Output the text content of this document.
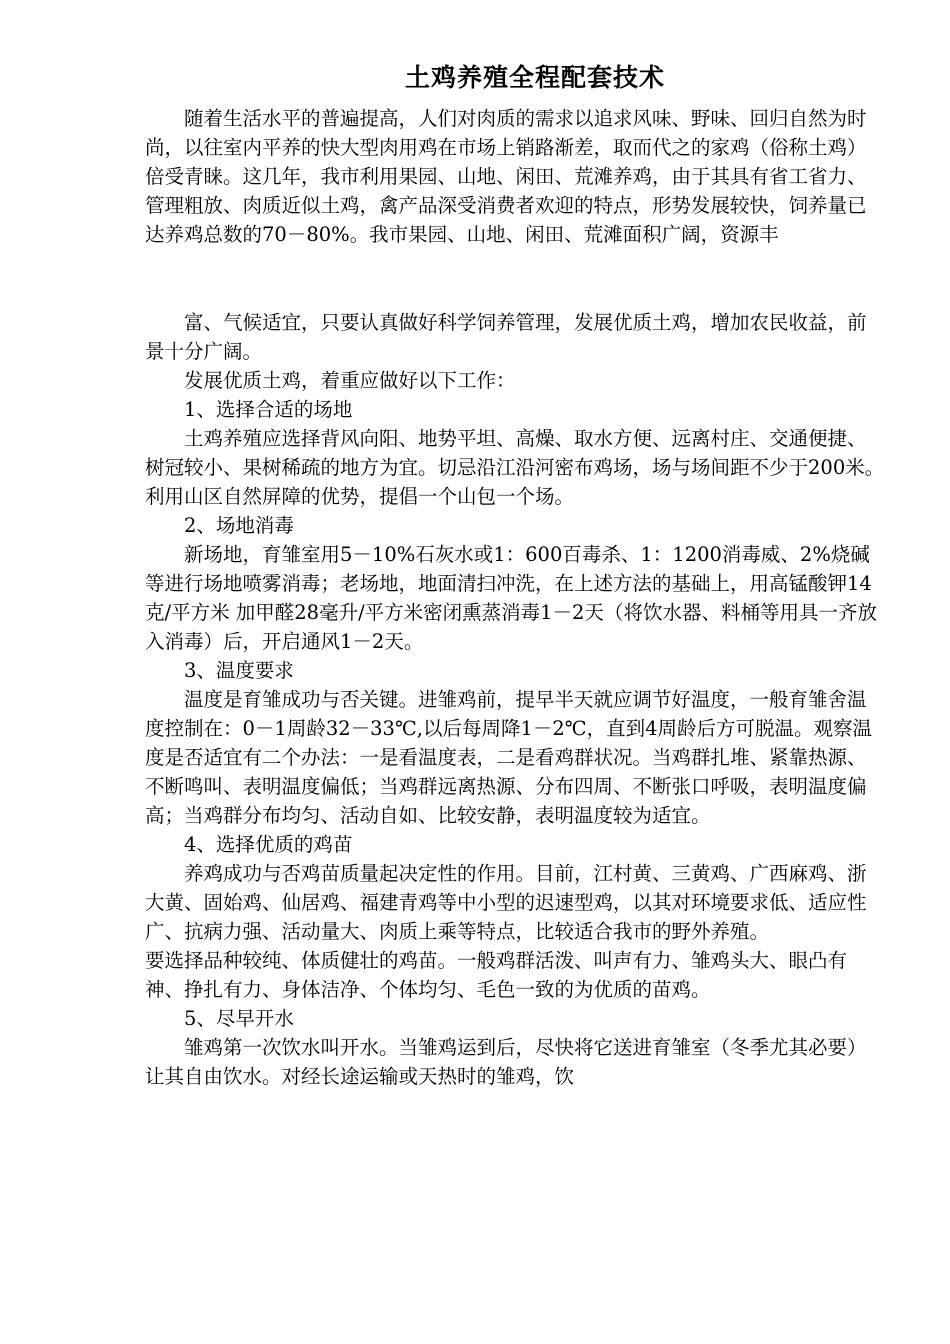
土鸡养殖全程配套技术

随着生活水平的普遍提高，人们对肉质的需求以追求风味、野味、回归自然为时尚，以往室内平养的快大型肉用鸡在市场上销路渐差，取而代之的家鸡（俗称土鸡）倍受青睐。这几年，我市利用果园、山地、闲田、荒滩养鸡，由于其具有省工省力、管理粗放、肉质近似土鸡，禽产品深受消费者欢迎的特点，形势发展较快，饲养量已达养鸡总数的70－80%。我市果园、山地、闲田、荒滩面积广阔，资源丰

富、气候适宜，只要认真做好科学饲养管理，发展优质土鸡，增加农民收益，前景十分广阔。

发展优质土鸡，着重应做好以下工作：

1、选择合适的场地

土鸡养殖应选择背风向阳、地势平坦、高燥、取水方便、远离村庄、交通便捷、树冠较小、果树稀疏的地方为宜。切忌沿江沿河密布鸡场，场与场间距不少于200米。利用山区自然屏障的优势，提倡一个山包一个场。

2、场地消毒

新场地，育雏室用5－10%石灰水或1：600百毒杀、1：1200消毒威、2%烧碱等进行场地喷雾消毒；老场地，地面清扫冲洗，在上述方法的基础上，用高锰酸钾14克/平方米 加甲醛28毫升/平方米密闭熏蒸消毒1－2天（将饮水器、料桶等用具一齐放入消毒）后，开启通风1－2天。

3、温度要求

温度是育雏成功与否关键。进雏鸡前，提早半天就应调节好温度，一般育雏舍温度控制在：0－1周龄32－33℃,以后每周降1－2℃，直到4周龄后方可脱温。观察温度是否适宜有二个办法：一是看温度表，二是看鸡群状况。当鸡群扎堆、紧靠热源、不断鸣叫、表明温度偏低；当鸡群远离热源、分布四周、不断张口呼吸，表明温度偏高；当鸡群分布均匀、活动自如、比较安静，表明温度较为适宜。

4、选择优质的鸡苗

养鸡成功与否鸡苗质量起决定性的作用。目前，江村黄、三黄鸡、广西麻鸡、浙大黄、固始鸡、仙居鸡、福建青鸡等中小型的迟速型鸡，以其对环境要求低、适应性广、抗病力强、活动量大、肉质上乘等特点，比较适合我市的野外养殖。

要选择品种较纯、体质健壮的鸡苗。一般鸡群活泼、叫声有力、雏鸡头大、眼凸有神、挣扎有力、身体洁净、个体均匀、毛色一致的为优质的苗鸡。

5、尽早开水

雏鸡第一次饮水叫开水。当雏鸡运到后，尽快将它送进育雏室（冬季尤其必要）让其自由饮水。对经长途运输或天热时的雏鸡，饮
